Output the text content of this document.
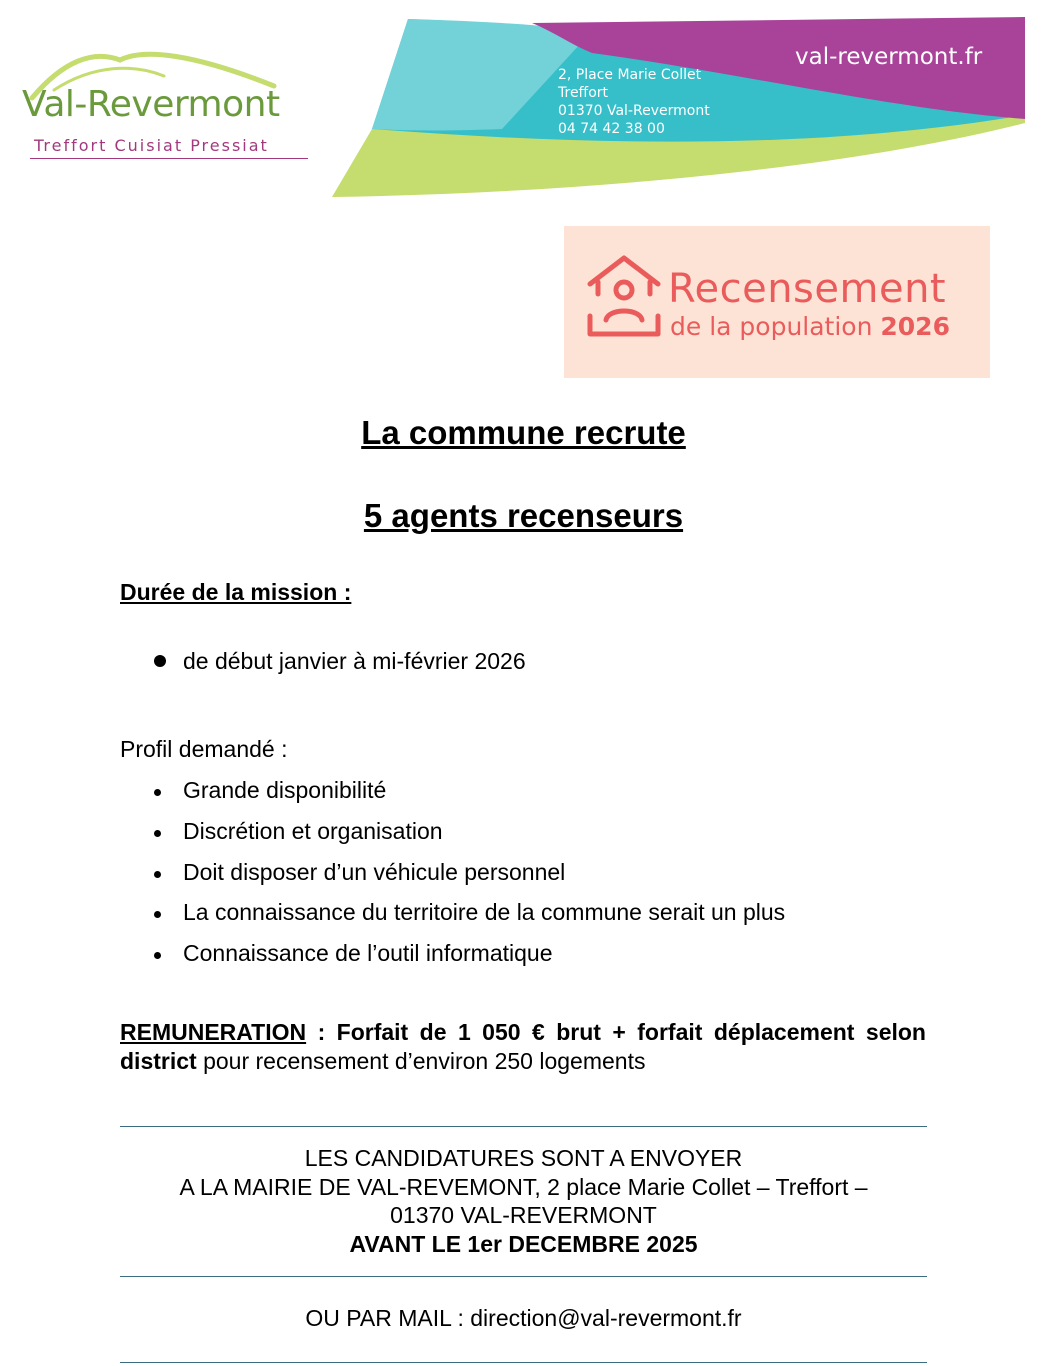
Val-Revermont
Treffort Cuisiat Pressiat
2, Place Marie Collet
Treffort
01370 Val-Revermont
04 74 42 38 00
val-revermont.fr
Recensement
de la population 2026
La commune recrute
5 agents recenseurs
Durée de la mission :
de début janvier à mi-février 2026
Profil demandé :
Grande disponibilité
Discrétion et organisation
Doit disposer d’un véhicule personnel
La connaissance du territoire de la commune serait un plus
Connaissance de l’outil informatique
REMUNERATION : Forfait de 1 050 € brut + forfait déplacement selon district pour recensement d’environ 250 logements
LES CANDIDATURES SONT A ENVOYER
A LA MAIRIE DE VAL-REVEMONT, 2 place Marie Collet – Treffort –
01370 VAL-REVERMONT
AVANT LE 1er DECEMBRE 2025
OU PAR MAIL : direction@val-revermont.fr
